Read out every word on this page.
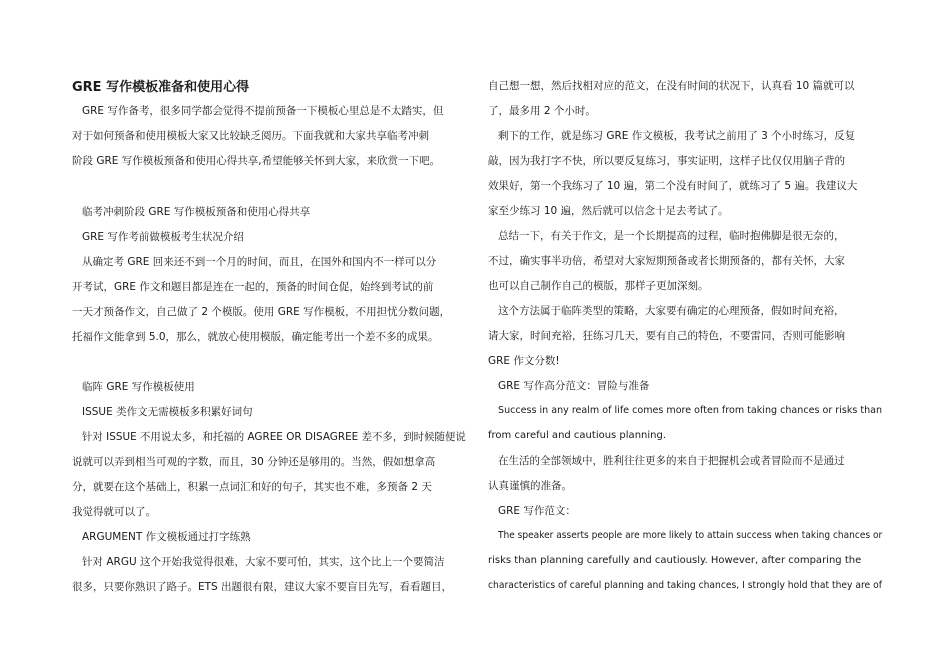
GRE 写作模板准备和使用心得
GRE 写作备考，很多同学都会觉得不提前预备一下模板心里总是不太踏实，但
对于如何预备和使用模板大家又比较缺乏阅历。下面我就和大家共享临考冲刺
阶段 GRE 写作模板预备和使用心得共享,希望能够关怀到大家，来欣赏一下吧。
临考冲刺阶段 GRE 写作模板预备和使用心得共享
GRE 写作考前做模板考生状况介绍
从确定考 GRE 回来还不到一个月的时间，而且，在国外和国内不一样可以分
开考试，GRE 作文和题目都是连在一起的，预备的时间仓促，始终到考试的前
一天才预备作文，自己做了 2 个模版。使用 GRE 写作模板，不用担忧分数问题，
托福作文能拿到 5.0，那么，就放心使用模版，确定能考出一个差不多的成果。
临阵 GRE 写作模板使用
ISSUE 类作文无需模板多积累好词句
针对 ISSUE 不用说太多，和托福的 AGREE OR DISAGREE 差不多，到时候随便说
说就可以弄到相当可观的字数，而且，30 分钟还是够用的。当然，假如想拿高
分，就要在这个基础上，积累一点词汇和好的句子，其实也不难，多预备 2 天
我觉得就可以了。
ARGUMENT 作文模板通过打字练熟
针对 ARGU 这个开始我觉得很难，大家不要可怕，其实，这个比上一个要简洁
很多，只要你熟识了路子。ETS 出题很有限，建议大家不要盲目先写，看看题目，
自己想一想，然后找相对应的范文，在没有时间的状况下，认真看 10 篇就可以
了，最多用 2 个小时。
剩下的工作，就是练习 GRE 作文模板，我考试之前用了 3 个小时练习，反复
敲，因为我打字不快，所以要反复练习，事实证明，这样子比仅仅用脑子背的
效果好，第一个我练习了 10 遍，第二个没有时间了，就练习了 5 遍。我建议大
家至少练习 10 遍，然后就可以信念十足去考试了。
总结一下，有关于作文，是一个长期提高的过程，临时抱佛脚是很无奈的，
不过，确实事半功倍，希望对大家短期预备或者长期预备的，都有关怀，大家
也可以自己制作自己的模版，那样子更加深刻。
这个方法属于临阵类型的策略，大家要有确定的心理预备，假如时间充裕，
请大家，时间充裕，狂练习几天，要有自己的特色，不要雷同，否则可能影响
GRE 作文分数!
GRE 写作高分范文：冒险与准备
Success in any realm of life comes more often from taking chances or risks than
from careful and cautious planning.
在生活的全部领域中，胜利往往更多的来自于把握机会或者冒险而不是通过
认真谨慎的准备。
GRE 写作范文：
The speaker asserts people are more likely to attain success when taking chances or
risks than planning carefully and cautiously. However, after comparing the
characteristics of careful planning and taking chances, I strongly hold that they are of
